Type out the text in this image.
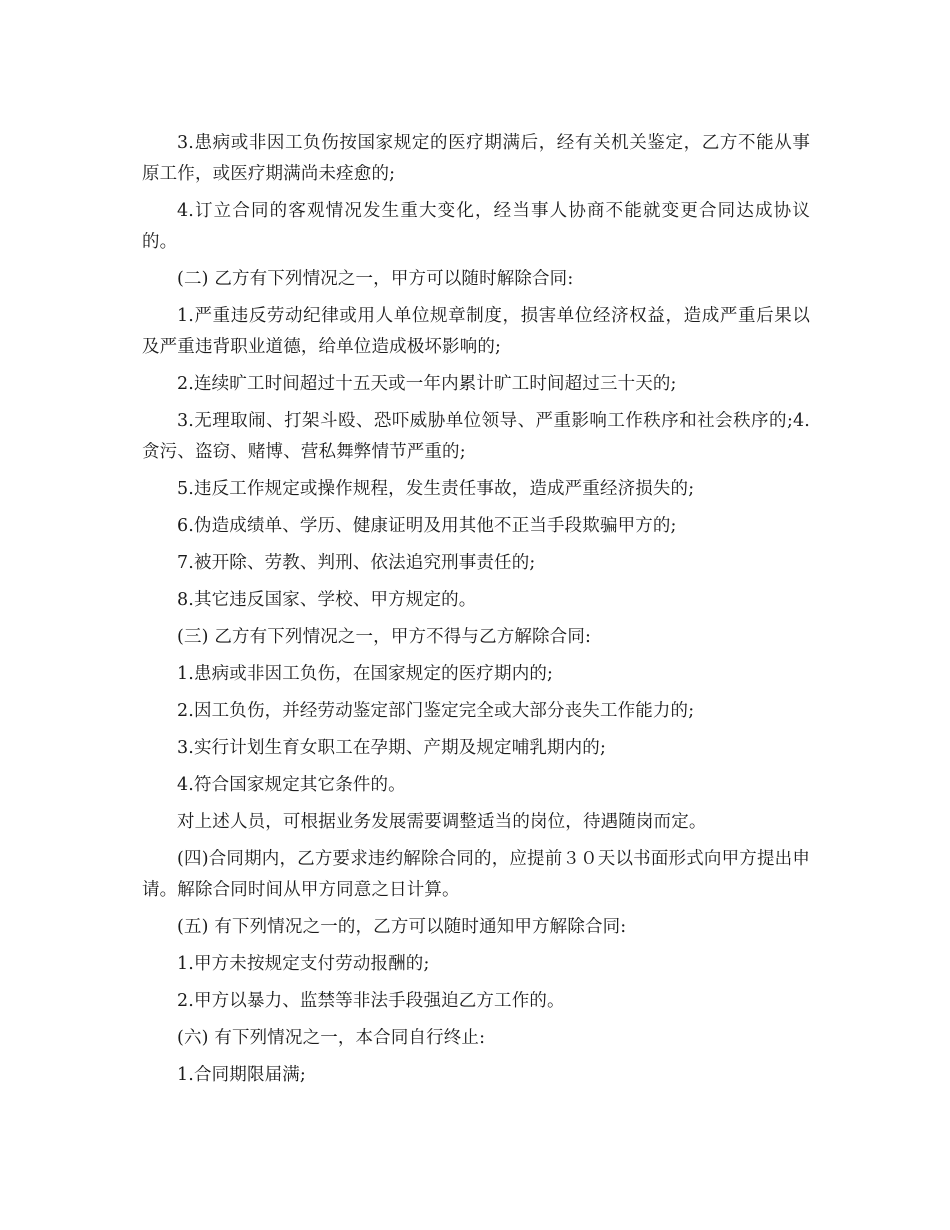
3.患病或非因工负伤按国家规定的医疗期满后，经有关机关鉴定，乙方不能从事原工作，或医疗期满尚未痊愈的;

4.订立合同的客观情况发生重大变化，经当事人协商不能就变更合同达成协议的。

(二) 乙方有下列情况之一，甲方可以随时解除合同:

1.严重违反劳动纪律或用人单位规章制度，损害单位经济权益，造成严重后果以及严重违背职业道德，给单位造成极坏影响的;

2.连续旷工时间超过十五天或一年内累计旷工时间超过三十天的;

3.无理取闹、打架斗殴、恐吓威胁单位领导、严重影响工作秩序和社会秩序的;4.贪污、盗窃、赌博、营私舞弊情节严重的;

5.违反工作规定或操作规程，发生责任事故，造成严重经济损失的;

6.伪造成绩单、学历、健康证明及用其他不正当手段欺骗甲方的;

7.被开除、劳教、判刑、依法追究刑事责任的;

8.其它违反国家、学校、甲方规定的。

(三) 乙方有下列情况之一，甲方不得与乙方解除合同:

1.患病或非因工负伤，在国家规定的医疗期内的;

2.因工负伤，并经劳动鉴定部门鉴定完全或大部分丧失工作能力的;

3.实行计划生育女职工在孕期、产期及规定哺乳期内的;

4.符合国家规定其它条件的。

对上述人员，可根据业务发展需要调整适当的岗位，待遇随岗而定。

(四)合同期内，乙方要求违约解除合同的，应提前３０天以书面形式向甲方提出申请。解除合同时间从甲方同意之日计算。

(五) 有下列情况之一的，乙方可以随时通知甲方解除合同:

1.甲方未按规定支付劳动报酬的;

2.甲方以暴力、监禁等非法手段强迫乙方工作的。

(六) 有下列情况之一，本合同自行终止:

1.合同期限届满;
